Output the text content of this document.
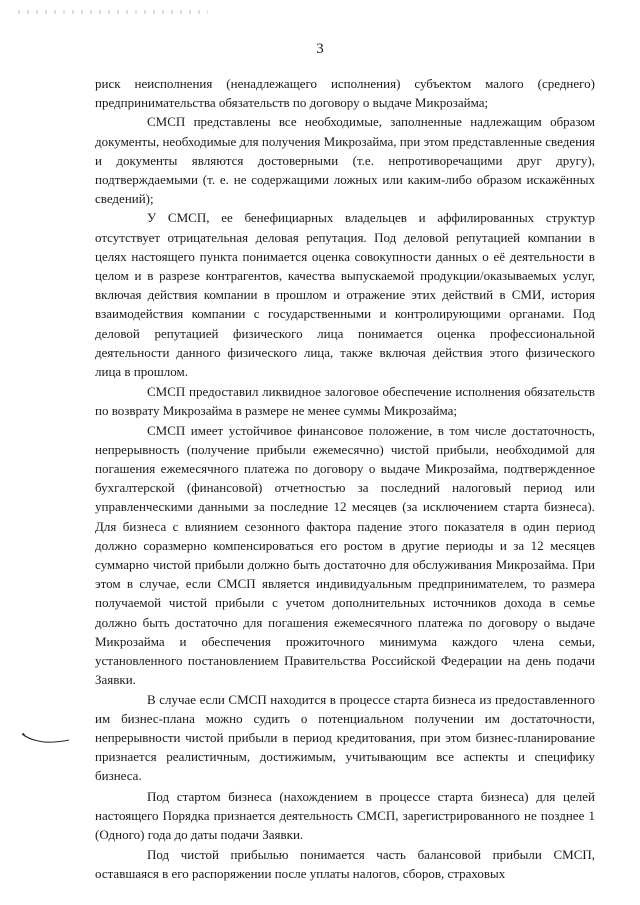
3

риск неисполнения (ненадлежащего исполнения) субъектом малого (среднего) предпринимательства обязательств по договору о выдаче Микрозайма;

СМСП представлены все необходимые, заполненные надлежащим образом документы, необходимые для получения Микрозайма, при этом представленные сведения и документы являются достоверными (т.е. непротиворечащими друг другу), подтверждаемыми (т. е. не содержащими ложных или каким-либо образом искажённых сведений);

У СМСП, ее бенефициарных владельцев и аффилированных структур отсутствует отрицательная деловая репутация. Под деловой репутацией компании в целях настоящего пункта понимается оценка совокупности данных о её деятельности в целом и в разрезе контрагентов, качества выпускаемой продукции/оказываемых услуг, включая действия компании в прошлом и отражение этих действий в СМИ, история взаимодействия компании с государственными и контролирующими органами. Под деловой репутацией физического лица понимается оценка профессиональной деятельности данного физического лица, также включая действия этого физического лица в прошлом.

СМСП предоставил ликвидное залоговое обеспечение исполнения обязательств по возврату Микрозайма в размере не менее суммы Микрозайма;

СМСП имеет устойчивое финансовое положение, в том числе достаточность, непрерывность (получение прибыли ежемесячно) чистой прибыли, необходимой для погашения ежемесячного платежа по договору о выдаче Микрозайма, подтвержденное бухгалтерской (финансовой) отчетностью за последний налоговый период или управленческими данными за последние 12 месяцев (за исключением старта бизнеса). Для бизнеса с влиянием сезонного фактора падение этого показателя в один период должно соразмерно компенсироваться его ростом в другие периоды и за 12 месяцев суммарно чистой прибыли должно быть достаточно для обслуживания Микрозайма. При этом в случае, если СМСП является индивидуальным предпринимателем, то размера получаемой чистой прибыли с учетом дополнительных источников дохода в семье должно быть достаточно для погашения ежемесячного платежа по договору о выдаче Микрозайма и обеспечения прожиточного минимума каждого члена семьи, установленного постановлением Правительства Российской Федерации на день подачи Заявки.

В случае если СМСП находится в процессе старта бизнеса из предоставленного им бизнес-плана можно судить о потенциальном получении им достаточности, непрерывности чистой прибыли в период кредитования, при этом бизнес-планирование признается реалистичным, достижимым, учитывающим все аспекты и специфику бизнеса.

Под стартом бизнеса (нахождением в процессе старта бизнеса) для целей настоящего Порядка признается деятельность СМСП, зарегистрированного не позднее 1 (Одного) года до даты подачи Заявки.

Под чистой прибылью понимается часть балансовой прибыли СМСП, оставшаяся в его распоряжении после уплаты налогов, сборов, страховых
